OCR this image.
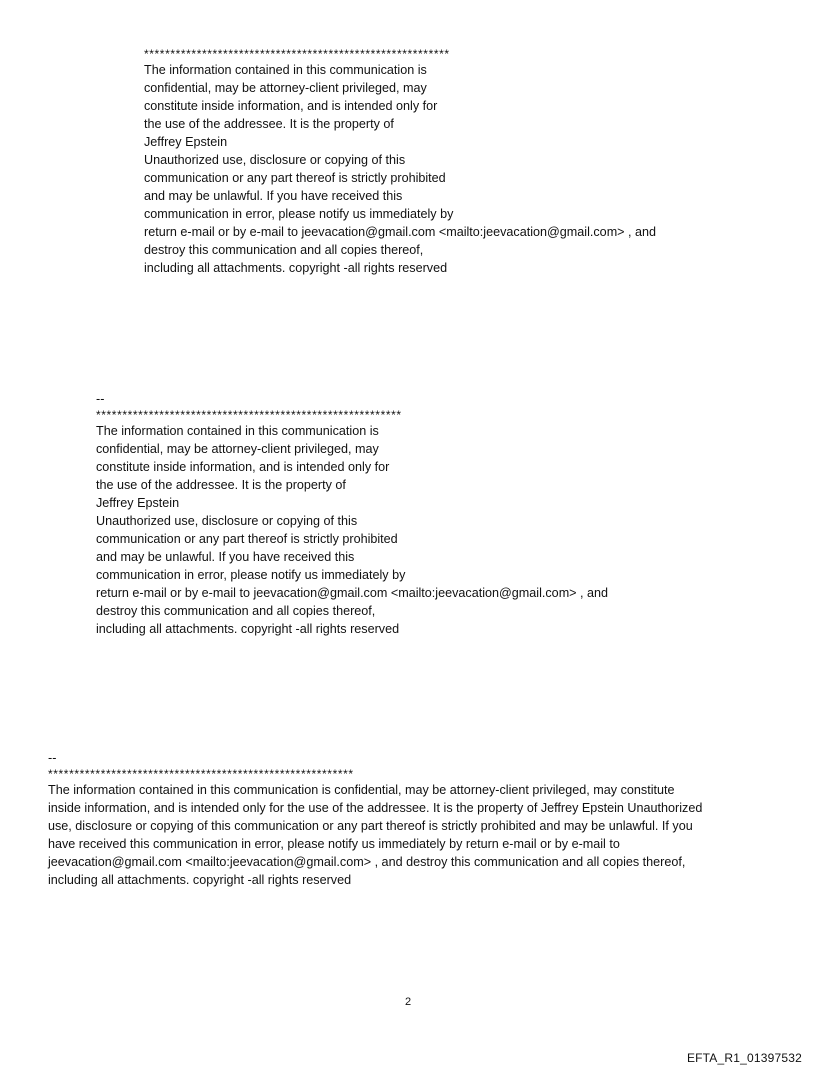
**********************************************************
The information contained in this communication is
confidential, may be attorney-client privileged, may
constitute inside information, and is intended only for
the use of the addressee. It is the property of
Jeffrey Epstein
Unauthorized use, disclosure or copying of this
communication or any part thereof is strictly prohibited
and may be unlawful. If you have received this
communication in error, please notify us immediately by
return e-mail or by e-mail to jeevacation@gmail.com <mailto:jeevacation@gmail.com> , and
destroy this communication and all copies thereof,
including all attachments. copyright -all rights reserved
--
**********************************************************
The information contained in this communication is
confidential, may be attorney-client privileged, may
constitute inside information, and is intended only for
the use of the addressee. It is the property of
Jeffrey Epstein
Unauthorized use, disclosure or copying of this
communication or any part thereof is strictly prohibited
and may be unlawful. If you have received this
communication in error, please notify us immediately by
return e-mail or by e-mail to jeevacation@gmail.com <mailto:jeevacation@gmail.com> , and
destroy this communication and all copies thereof,
including all attachments. copyright -all rights reserved
--
**********************************************************
The information contained in this communication is confidential, may be attorney-client privileged, may constitute
inside information, and is intended only for the use of the addressee. It is the property of Jeffrey Epstein Unauthorized
use, disclosure or copying of this communication or any part thereof is strictly prohibited and may be unlawful. If you
have received this communication in error, please notify us immediately by return e-mail or by e-mail to
jeevacation@gmail.com <mailto:jeevacation@gmail.com> , and destroy this communication and all copies thereof,
including all attachments. copyright -all rights reserved
2
EFTA_R1_01397532
